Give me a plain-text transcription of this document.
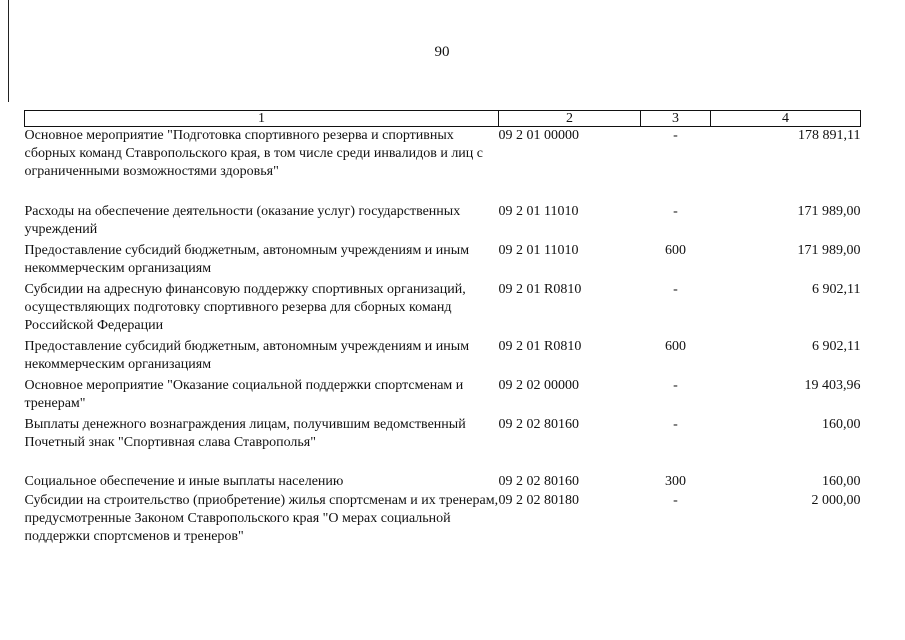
90
1	2	3	4
Основное мероприятие "Подготовка спортивного резерва и спортивных сборных команд Ставропольского края, в том числе среди инвалидов и лиц с ограниченными возможностями здоровья"	09 2 01 00000	-	178 891,11
Расходы на обеспечение деятельности (оказание услуг) государственных учреждений	09 2 01 11010	-	171 989,00
Предоставление субсидий бюджетным, автономным учреждениям и иным некоммерческим организациям	09 2 01 11010	600	171 989,00
Субсидии на адресную финансовую поддержку спортивных организаций, осуществляющих подготовку спортивного резерва для сборных команд Российской Федерации	09 2 01 R0810	-	6 902,11
Предоставление субсидий бюджетным, автономным учреждениям и иным некоммерческим организациям	09 2 01 R0810	600	6 902,11
Основное мероприятие "Оказание социальной поддержки спортсменам и тренерам"	09 2 02 00000	-	19 403,96
Выплаты денежного вознаграждения лицам, получившим ведомственный Почетный знак "Спортивная слава Ставрополья"	09 2 02 80160	-	160,00
Социальное обеспечение и иные выплаты населению	09 2 02 80160	300	160,00
Субсидии на строительство (приобретение) жилья спортсменам и их тренерам, предусмотренные Законом Ставропольского края "О мерах социальной поддержки спортсменов и тренеров"	09 2 02 80180	-	2 000,00
